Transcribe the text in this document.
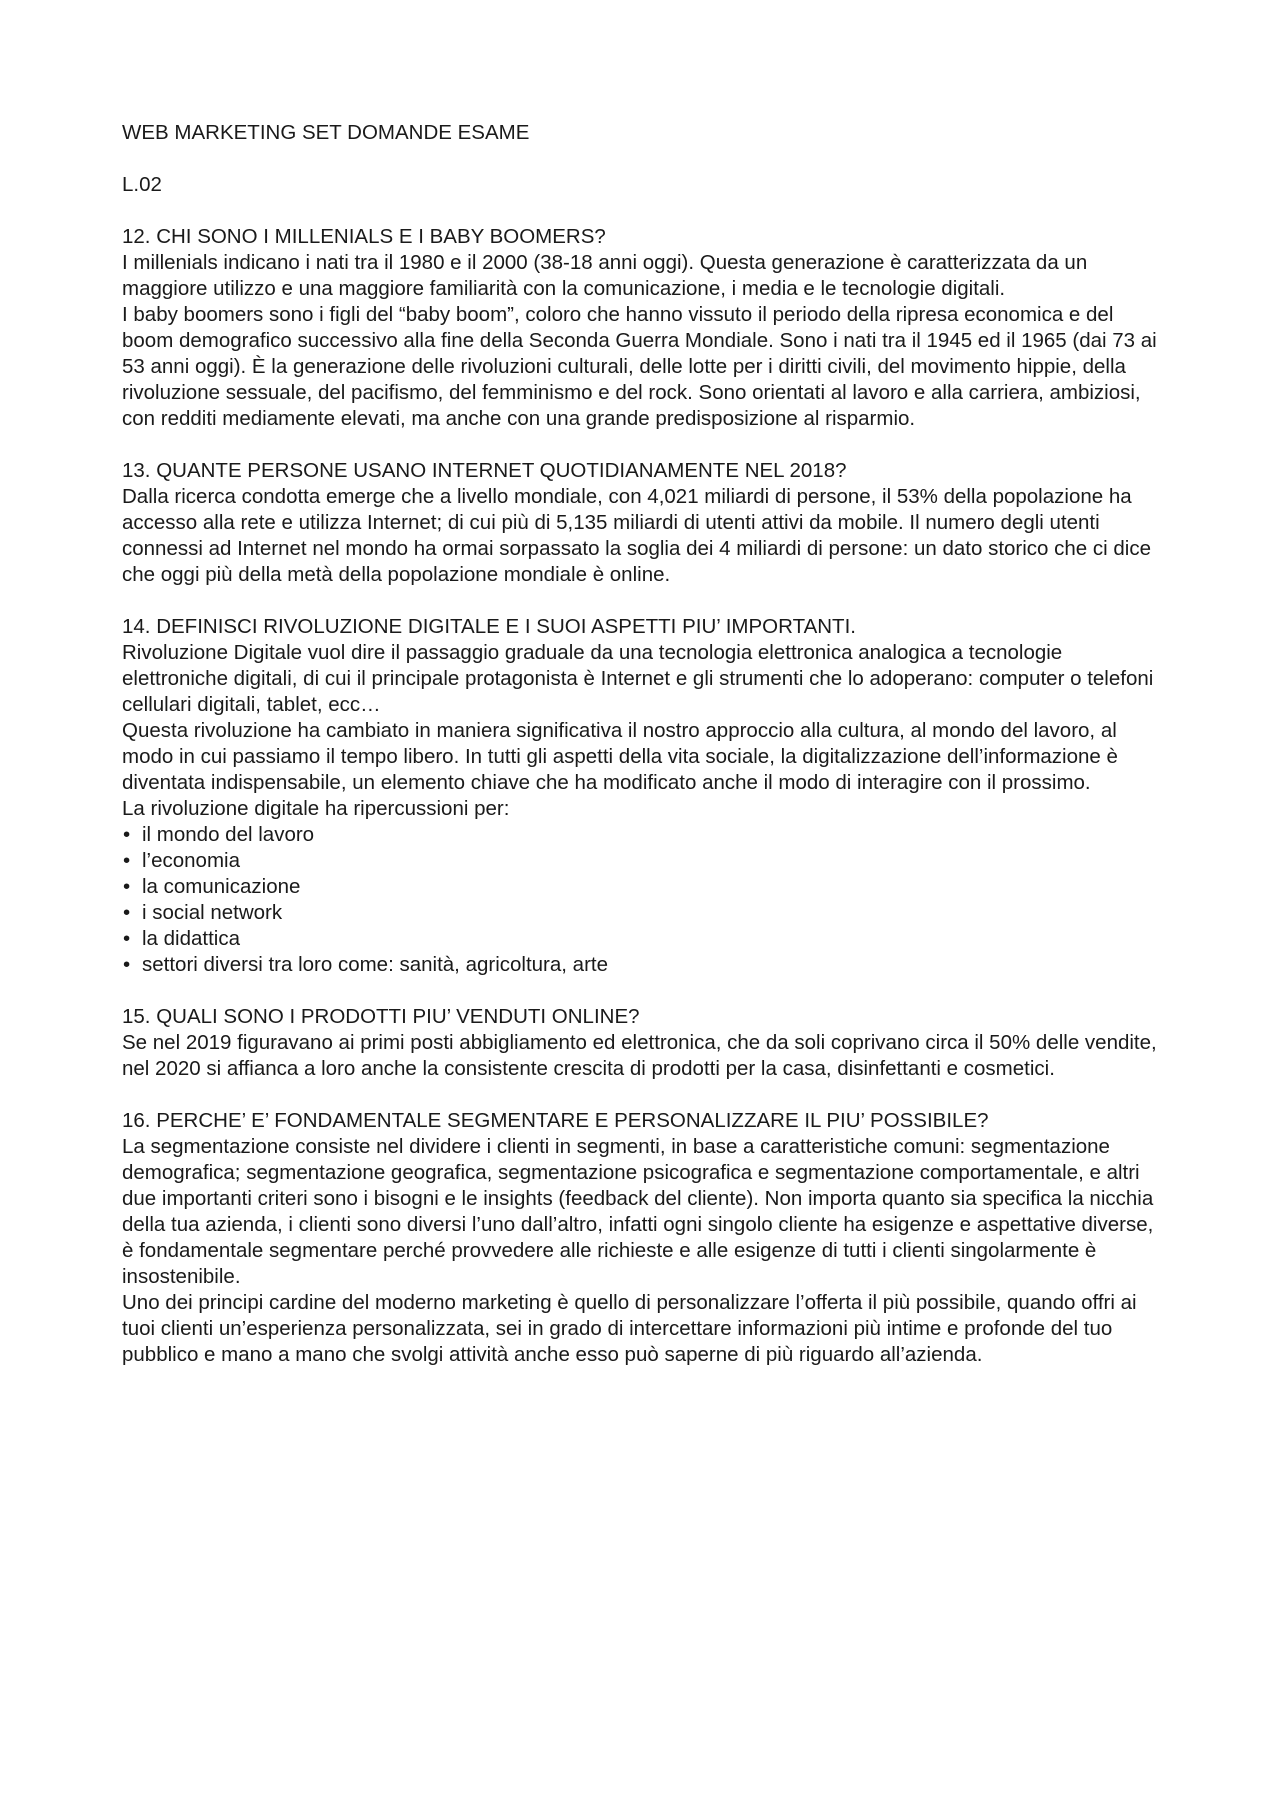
WEB MARKETING SET DOMANDE ESAME

L.02

12. CHI SONO I MILLENIALS E I BABY BOOMERS?

I millenials indicano i nati tra il 1980 e il 2000 (38-18 anni oggi). Questa generazione è caratterizzata da un maggiore utilizzo e una maggiore familiarità con la comunicazione, i media e le tecnologie digitali.

I baby boomers sono i figli del “baby boom”, coloro che hanno vissuto il periodo della ripresa economica e del boom demografico successivo alla fine della Seconda Guerra Mondiale. Sono i nati tra il 1945 ed il 1965 (dai 73 ai 53 anni oggi). È la generazione delle rivoluzioni culturali, delle lotte per i diritti civili, del movimento hippie, della rivoluzione sessuale, del pacifismo, del femminismo e del rock. Sono orientati al lavoro e alla carriera, ambiziosi, con redditi mediamente elevati, ma anche con una grande predisposizione al risparmio.

13. QUANTE PERSONE USANO INTERNET QUOTIDIANAMENTE NEL 2018?

Dalla ricerca condotta emerge che a livello mondiale, con 4,021 miliardi di persone, il 53% della popolazione ha accesso alla rete e utilizza Internet; di cui più di 5,135 miliardi di utenti attivi da mobile. Il numero degli utenti connessi ad Internet nel mondo ha ormai sorpassato la soglia dei 4 miliardi di persone: un dato storico che ci dice che oggi più della metà della popolazione mondiale è online.

14. DEFINISCI RIVOLUZIONE DIGITALE E I SUOI ASPETTI PIU’ IMPORTANTI.

Rivoluzione Digitale vuol dire il passaggio graduale da una tecnologia elettronica analogica a tecnologie elettroniche digitali, di cui il principale protagonista è Internet e gli strumenti che lo adoperano: computer o telefoni cellulari digitali, tablet, ecc…

Questa rivoluzione ha cambiato in maniera significativa il nostro approccio alla cultura, al mondo del lavoro, al modo in cui passiamo il tempo libero. In tutti gli aspetti della vita sociale, la digitalizzazione dell’informazione è diventata indispensabile, un elemento chiave che ha modificato anche il modo di interagire con il prossimo.

La rivoluzione digitale ha ripercussioni per:

• il mondo del lavoro
• l’economia
• la comunicazione
• i social network
• la didattica
• settori diversi tra loro come: sanità, agricoltura, arte

15. QUALI SONO I PRODOTTI PIU’ VENDUTI ONLINE?

Se nel 2019 figuravano ai primi posti abbigliamento ed elettronica, che da soli coprivano circa il 50% delle vendite, nel 2020 si affianca a loro anche la consistente crescita di prodotti per la casa, disinfettanti e cosmetici.

16. PERCHE’ E’ FONDAMENTALE SEGMENTARE E PERSONALIZZARE IL PIU’ POSSIBILE?

La segmentazione consiste nel dividere i clienti in segmenti, in base a caratteristiche comuni: segmentazione demografica; segmentazione geografica, segmentazione psicografica e segmentazione comportamentale, e altri due importanti criteri sono i bisogni e le insights (feedback del cliente). Non importa quanto sia specifica la nicchia della tua azienda, i clienti sono diversi l’uno dall’altro, infatti ogni singolo cliente ha esigenze e aspettative diverse, è fondamentale segmentare perché provvedere alle richieste e alle esigenze di tutti i clienti singolarmente è insostenibile.

Uno dei principi cardine del moderno marketing è quello di personalizzare l’offerta il più possibile, quando offri ai tuoi clienti un’esperienza personalizzata, sei in grado di intercettare informazioni più intime e profonde del tuo pubblico e mano a mano che svolgi attività anche esso può saperne di più riguardo all’azienda.
